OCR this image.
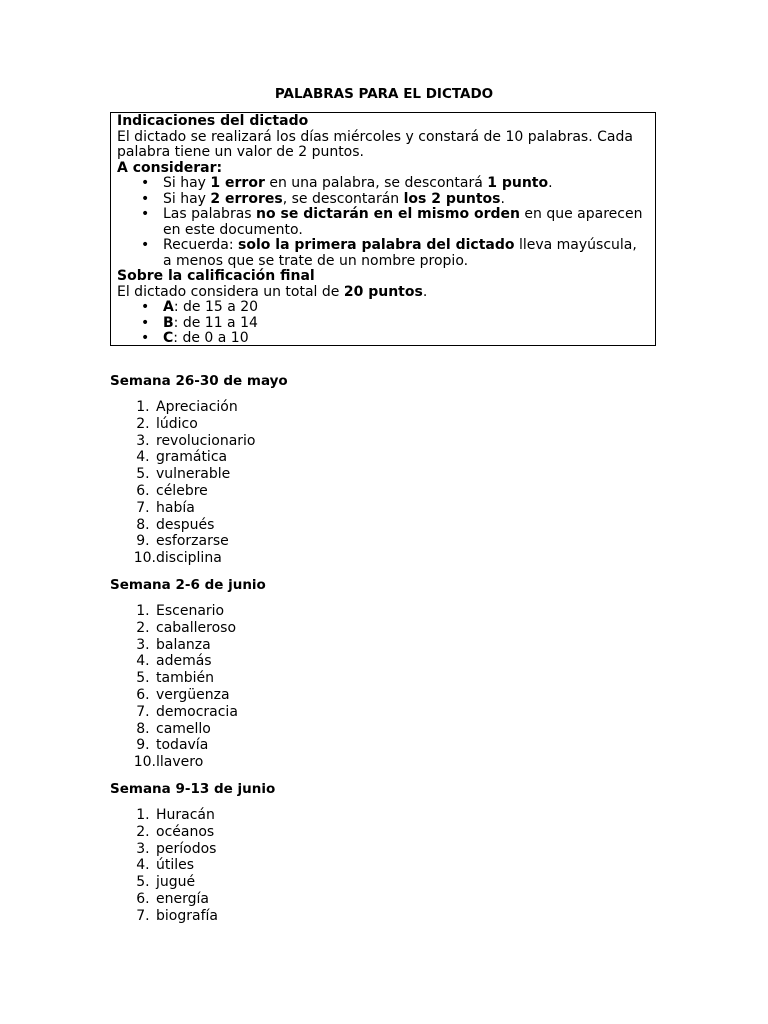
PALABRAS PARA EL DICTADO

Indicaciones del dictado

El dictado se realizará los días miércoles y constará de 10 palabras. Cada palabra tiene un valor de 2 puntos.

A considerar:

• Si hay 1 error en una palabra, se descontará 1 punto.
• Si hay 2 errores, se descontarán los 2 puntos.
• Las palabras no se dictarán en el mismo orden en que aparecen en este documento.
• Recuerda: solo la primera palabra del dictado lleva mayúscula, a menos que se trate de un nombre propio.

Sobre la calificación final

El dictado considera un total de 20 puntos.

• A: de 15 a 20
• B: de 11 a 14
• C: de 0 a 10
Semana 26-30 de mayo
1. Apreciación
2. lúdico
3. revolucionario
4. gramática
5. vulnerable
6. célebre
7. había
8. después
9. esforzarse
10. disciplina
Semana 2-6 de junio
1. Escenario
2. caballeroso
3. balanza
4. además
5. también
6. vergüenza
7. democracia
8. camello
9. todavía
10. llavero
Semana 9-13 de junio
1. Huracán
2. océanos
3. períodos
4. útiles
5. jugué
6. energía
7. biografía
